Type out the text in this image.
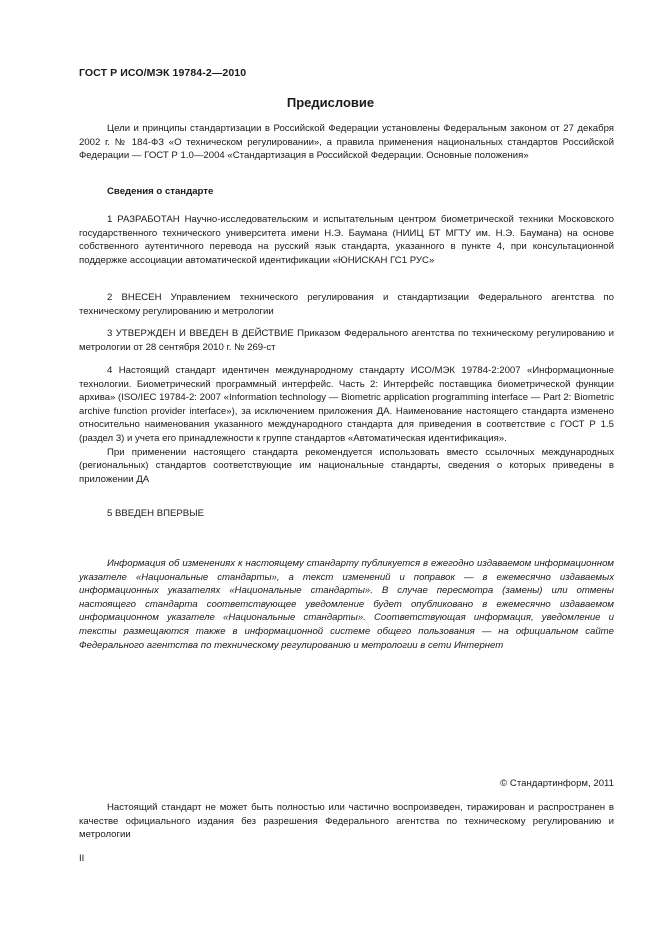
ГОСТ Р ИСО/МЭК 19784-2—2010
Предисловие

Цели и принципы стандартизации в Российской Федерации установлены Федеральным законом от 27 декабря 2002 г. № 184-ФЗ «О техническом регулировании», а правила применения национальных стандартов Российской Федерации — ГОСТ Р 1.0—2004 «Стандартизация в Российской Федерации. Основные положения»

Сведения о стандарте

1 РАЗРАБОТАН Научно-исследовательским и испытательным центром биометрической техники Московского государственного технического университета имени Н.Э. Баумана (НИИЦ БТ МГТУ им. Н.Э. Баумана) на основе собственного аутентичного перевода на русский язык стандарта, указанного в пункте 4, при консультационной поддержке ассоциации автоматической идентификации «ЮНИСКАН ГС1 РУС»

2 ВНЕСЕН Управлением технического регулирования и стандартизации Федерального агентства по техническому регулированию и метрологии

3 УТВЕРЖДЕН И ВВЕДЕН В ДЕЙСТВИЕ Приказом Федерального агентства по техническому регулированию и метрологии от 28 сентября 2010 г. № 269-ст

4 Настоящий стандарт идентичен международному стандарту ИСО/МЭК 19784-2:2007 «Информационные технологии. Биометрический программный интерфейс. Часть 2: Интерфейс поставщика биометрической функции архива» (ISO/IEC 19784-2: 2007 «Information technology — Biometric application programming interface — Part 2: Biometric archive function provider interface»), за исключением приложения ДА. Наименование настоящего стандарта изменено относительно наименования указанного международного стандарта для приведения в соответствие с ГОСТ Р 1.5 (раздел 3) и учета его принадлежности к группе стандартов «Автоматическая идентификация».

При применении настоящего стандарта рекомендуется использовать вместо ссылочных международных (региональных) стандартов соответствующие им национальные стандарты, сведения о которых приведены в приложении ДА

5 ВВЕДЕН ВПЕРВЫЕ

Информация об изменениях к настоящему стандарту публикуется в ежегодно издаваемом информационном указателе «Национальные стандарты», а текст изменений и поправок — в ежемесячно издаваемых информационных указателях «Национальные стандарты». В случае пересмотра (замены) или отмены настоящего стандарта соответствующее уведомление будет опубликовано в ежемесячно издаваемом информационном указателе «Национальные стандарты». Соответствующая информация, уведомление и тексты размещаются также в информационной системе общего пользования — на официальном сайте Федерального агентства по техническому регулированию и метрологии в сети Интернет
© Стандартинформ, 2011

Настоящий стандарт не может быть полностью или частично воспроизведен, тиражирован и распространен в качестве официального издания без разрешения Федерального агентства по техническому регулированию и метрологии

II
